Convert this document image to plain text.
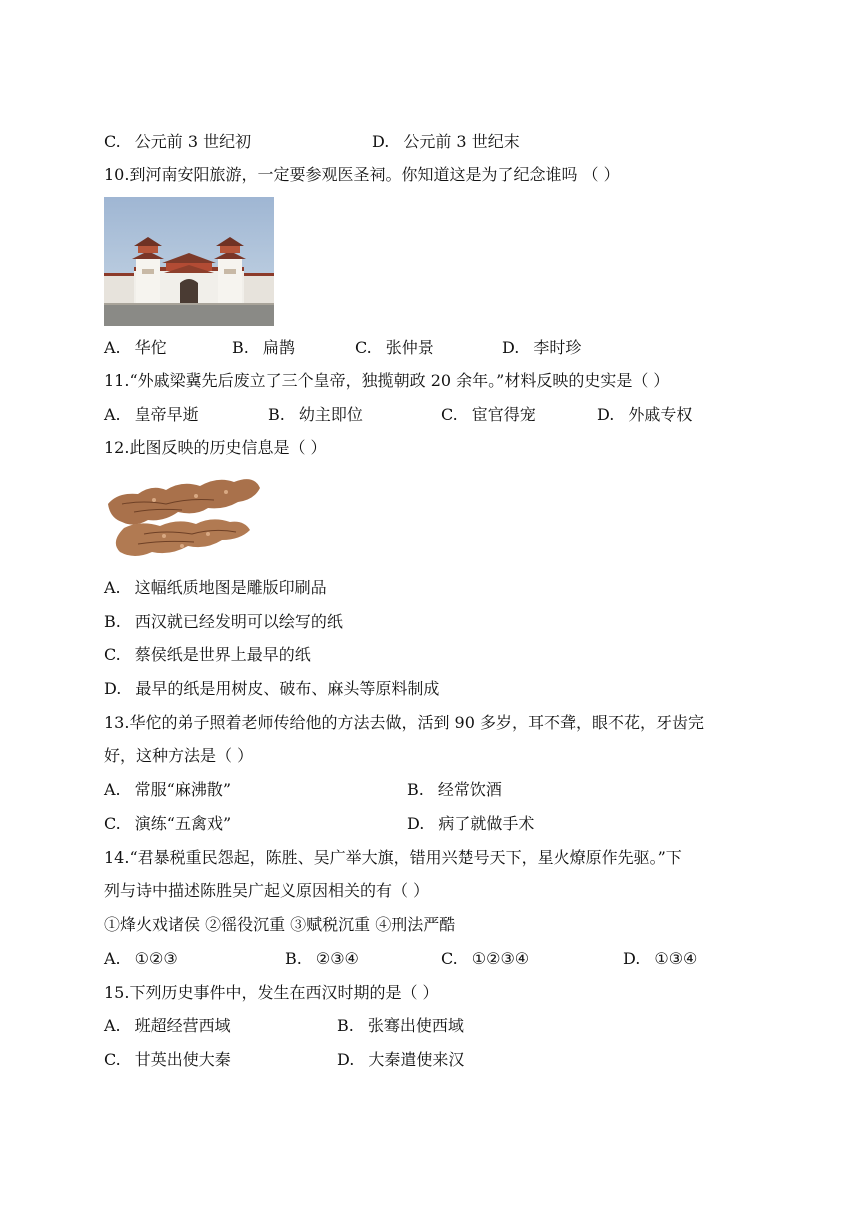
C. 公元前 3 世纪初	D. 公元前 3 世纪末
10.到河南安阳旅游，一定要参观医圣祠。你知道这是为了纪念谁吗 （ ）
A. 华佗	B. 扁鹊	C. 张仲景	D. 李时珍
11.“外戚梁冀先后废立了三个皇帝，独揽朝政 20 余年。”材料反映的史实是（ ）
A. 皇帝早逝	B. 幼主即位	C. 宦官得宠	D. 外戚专权
12.此图反映的历史信息是（ ）
A. 这幅纸质地图是雕版印刷品
B. 西汉就已经发明可以绘写的纸
C. 蔡侯纸是世界上最早的纸
D. 最早的纸是用树皮、破布、麻头等原料制成
13.华佗的弟子照着老师传给他的方法去做，活到 90 多岁，耳不聋，眼不花，牙齿完
好，这种方法是（ ）
A. 常服“麻沸散”	B. 经常饮酒
C. 演练“五禽戏”	D. 病了就做手术
14.“君暴税重民怨起，陈胜、吴广举大旗，错用兴楚号天下，星火燎原作先驱。”下
列与诗中描述陈胜吴广起义原因相关的有（ ）
①烽火戏诸侯 ②徭役沉重 ③赋税沉重 ④刑法严酷
A. ①②③	B. ②③④	C. ①②③④	D. ①③④
15.下列历史事件中，发生在西汉时期的是（ ）
A. 班超经营西域	B. 张骞出使西域
C. 甘英出使大秦	D. 大秦遣使来汉
